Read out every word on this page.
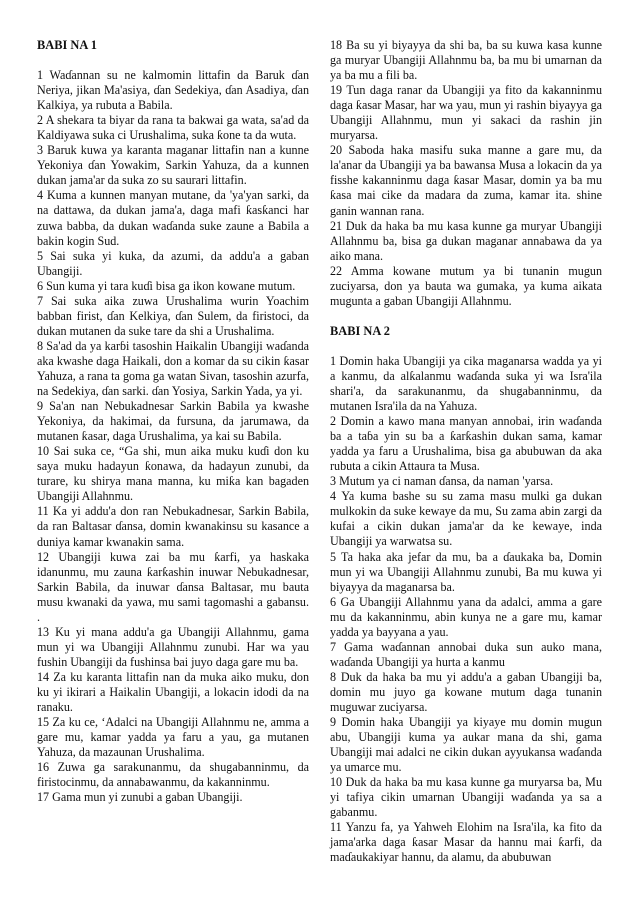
BABI NA 1

1 Waɗannan su ne kalmomin littafin da Baruk ɗan Neriya, jikan Ma'asiya, ɗan Sedekiya, ɗan Asadiya, ɗan Kalkiya, ya rubuta a Babila.

2 A shekara ta biyar da rana ta bakwai ga wata, sa'ad da Kaldiyawa suka ci Urushalima, suka ƙone ta da wuta.

3 Baruk kuwa ya karanta maganar littafin nan a kunne Yekoniya ɗan Yowakim, Sarkin Yahuza, da a kunnen dukan jama'ar da suka zo su saurari littafin.

4 Kuma a kunnen manyan mutane, da 'ya'yan sarki, da na dattawa, da dukan jama'a, daga mafi ƙasƙanci har zuwa babba, da dukan waɗanda suke zaune a Babila a bakin kogin Sud.

5 Sai suka yi kuka, da azumi, da addu'a a gaban Ubangiji.

6 Sun kuma yi tara kuɗi bisa ga ikon kowane mutum.

7 Sai suka aika zuwa Urushalima wurin Yoachim babban firist, ɗan Kelkiya, ɗan Sulem, da firistoci, da dukan mutanen da suke tare da shi a Urushalima.

8 Sa'ad da ya karɓi tasoshin Haikalin Ubangiji waɗanda aka kwashe daga Haikali, don a komar da su cikin ƙasar Yahuza, a rana ta goma ga watan Sivan, tasoshin azurfa, na Sedekiya, ɗan sarki. ɗan Yosiya, Sarkin Yada, ya yi.

9 Sa'an nan Nebukadnesar Sarkin Babila ya kwashe Yekoniya, da hakimai, da fursuna, da jarumawa, da mutanen ƙasar, daga Urushalima, ya kai su Babila.

10 Sai suka ce, “Ga shi, mun aika muku kuɗi don ku saya muku hadayun ƙonawa, da hadayun zunubi, da turare, ku shirya mana manna, ku miƙa kan bagaden Ubangiji Allahnmu.

11 Ka yi addu'a don ran Nebukadnesar, Sarkin Babila, da ran Baltasar ɗansa, domin kwanakinsu su kasance a duniya kamar kwanakin sama.

12 Ubangiji kuwa zai ba mu ƙarfi, ya haskaka idanunmu, mu zauna ƙarƙashin inuwar Nebukadnesar, Sarkin Babila, da inuwar ɗansa Baltasar, mu bauta musu kwanaki da yawa, mu sami tagomashi a gabansu. .

13 Ku yi mana addu'a ga Ubangiji Allahnmu, gama mun yi wa Ubangiji Allahnmu zunubi. Har wa yau fushin Ubangiji da fushinsa bai juyo daga gare mu ba.

14 Za ku karanta littafin nan da muka aiko muku, don ku yi ikirari a Haikalin Ubangiji, a lokacin idodi da na ranaku.

15 Za ku ce, ‘Adalci na Ubangiji Allahnmu ne, amma a gare mu, kamar yadda ya faru a yau, ga mutanen Yahuza, da mazaunan Urushalima.

16 Zuwa ga sarakunanmu, da shugabanninmu, da firistocinmu, da annabawanmu, da kakanninmu.

17 Gama mun yi zunubi a gaban Ubangiji.

18 Ba su yi biyayya da shi ba, ba su kuwa kasa kunne ga muryar Ubangiji Allahnmu ba, ba mu bi umarnan da ya ba mu a fili ba.

19 Tun daga ranar da Ubangiji ya fito da kakanninmu daga ƙasar Masar, har wa yau, mun yi rashin biyayya ga Ubangiji Allahnmu, mun yi sakaci da rashin jin muryarsa.

20 Saboda haka masifu suka manne a gare mu, da la'anar da Ubangiji ya ba bawansa Musa a lokacin da ya fisshe kakanninmu daga ƙasar Masar, domin ya ba mu ƙasa mai cike da madara da zuma, kamar ita. shine ganin wannan rana.

21 Duk da haka ba mu kasa kunne ga muryar Ubangiji Allahnmu ba, bisa ga dukan maganar annabawa da ya aiko mana.

22 Amma kowane mutum ya bi tunanin mugun zuciyarsa, don ya bauta wa gumaka, ya kuma aikata mugunta a gaban Ubangiji Allahnmu.

BABI NA 2

1 Domin haka Ubangiji ya cika maganarsa wadda ya yi a kanmu, da alƙalanmu waɗanda suka yi wa Isra'ila shari'a, da sarakunanmu, da shugabanninmu, da mutanen Isra'ila da na Yahuza.

2 Domin a kawo mana manyan annobai, irin waɗanda ba a taɓa yin su ba a ƙarƙashin dukan sama, kamar yadda ya faru a Urushalima, bisa ga abubuwan da aka rubuta a cikin Attaura ta Musa.

3 Mutum ya ci naman ɗansa, da naman 'yarsa.

4 Ya kuma bashe su su zama masu mulki ga dukan mulkokin da suke kewaye da mu, Su zama abin zargi da kufai a cikin dukan jama'ar da ke kewaye, inda Ubangiji ya warwatsa su.

5 Ta haka aka jefar da mu, ba a ɗaukaka ba, Domin mun yi wa Ubangiji Allahnmu zunubi, Ba mu kuwa yi biyayya da maganarsa ba.

6 Ga Ubangiji Allahnmu yana da adalci, amma a gare mu da kakanninmu, abin kunya ne a gare mu, kamar yadda ya bayyana a yau.

7 Gama waɗannan annobai duka sun auko mana, waɗanda Ubangiji ya hurta a kanmu

8 Duk da haka ba mu yi addu'a a gaban Ubangiji ba, domin mu juyo ga kowane mutum daga tunanin muguwar zuciyarsa.

9 Domin haka Ubangiji ya kiyaye mu domin mugun abu, Ubangiji kuma ya aukar mana da shi, gama Ubangiji mai adalci ne cikin dukan ayyukansa waɗanda ya umarce mu.

10 Duk da haka ba mu kasa kunne ga muryarsa ba, Mu yi tafiya cikin umarnan Ubangiji waɗanda ya sa a gabanmu.

11 Yanzu fa, ya Yahweh Elohim na Isra'ila, ka fito da jama'arka daga ƙasar Masar da hannu mai ƙarfi, da maɗaukakiyar hannu, da alamu, da abubuwan
